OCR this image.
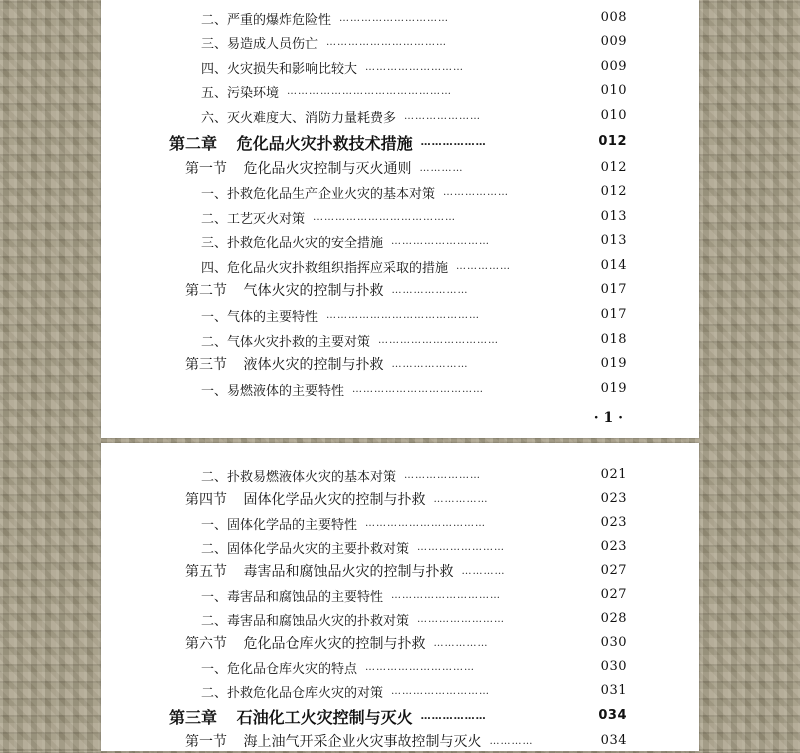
二、严重的爆炸危险性 …………………………	008
三、易造成人员伤亡 ……………………………	009
四、火灾损失和影响比较大 ………………………	009
五、污染环境 ………………………………………	010
六、灭火难度大、消防力量耗费多 …………………	010
第二章 危化品火灾扑救技术措施 ………………	012
第一节 危化品火灾控制与灭火通则 …………	012
一、扑救危化品生产企业火灾的基本对策 ………………	012
二、工艺灭火对策 …………………………………	013
三、扑救危化品火灾的安全措施 ………………………	013
四、危化品火灾扑救组织指挥应采取的措施 ……………	014
第二节 气体火灾的控制与扑救 …………………	017
一、气体的主要特性 ……………………………………	017
二、气体火灾扑救的主要对策 ……………………………	018
第三节 液体火灾的控制与扑救 …………………	019
一、易燃液体的主要特性 ………………………………	019
· 1 ·
二、扑救易燃液体火灾的基本对策 …………………	021
第四节 固体化学品火灾的控制与扑救 ……………	023
一、固体化学品的主要特性 ……………………………	023
二、固体化学品火灾的主要扑救对策 ……………………	023
第五节 毒害品和腐蚀品火灾的控制与扑救 …………	027
一、毒害品和腐蚀品的主要特性 …………………………	027
二、毒害品和腐蚀品火灾的扑救对策 ……………………	028
第六节 危化品仓库火灾的控制与扑救 ……………	030
一、危化品仓库火灾的特点 …………………………	030
二、扑救危化品仓库火灾的对策 ………………………	031
第三章 石油化工火灾控制与灭火 ………………	034
第一节 海上油气开采企业火灾事故控制与灭火 …………	034
